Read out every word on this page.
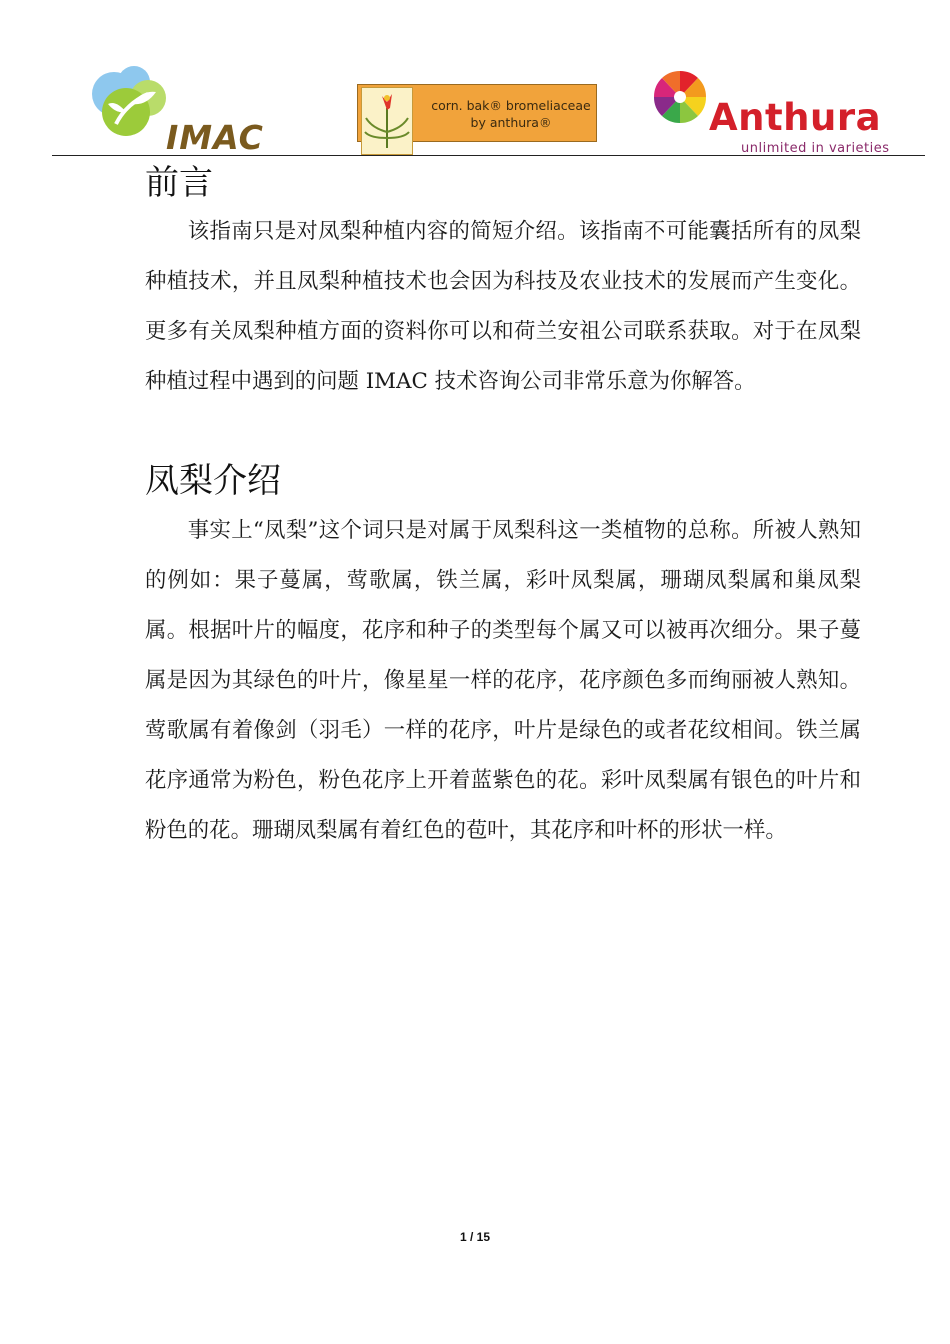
IMAC
corn. bak® bromeliaceae
by anthura®	Anthura
unlimited in varieties
前言

该指南只是对凤梨种植内容的简短介绍。该指南不可能囊括所有的凤梨种植技术，并且凤梨种植技术也会因为科技及农业技术的发展而产生变化。更多有关凤梨种植方面的资料你可以和荷兰安祖公司联系获取。对于在凤梨种植过程中遇到的问题 IMAC 技术咨询公司非常乐意为你解答。

凤梨介绍

事实上“凤梨”这个词只是对属于凤梨科这一类植物的总称。所被人熟知的例如：果子蔓属，莺歌属，铁兰属，彩叶凤梨属，珊瑚凤梨属和巢凤梨属。根据叶片的幅度，花序和种子的类型每个属又可以被再次细分。果子蔓属是因为其绿色的叶片，像星星一样的花序，花序颜色多而绚丽被人熟知。莺歌属有着像剑（羽毛）一样的花序，叶片是绿色的或者花纹相间。铁兰属花序通常为粉色，粉色花序上开着蓝紫色的花。彩叶凤梨属有银色的叶片和粉色的花。珊瑚凤梨属有着红色的苞叶，其花序和叶杯的形状一样。

1 / 15
